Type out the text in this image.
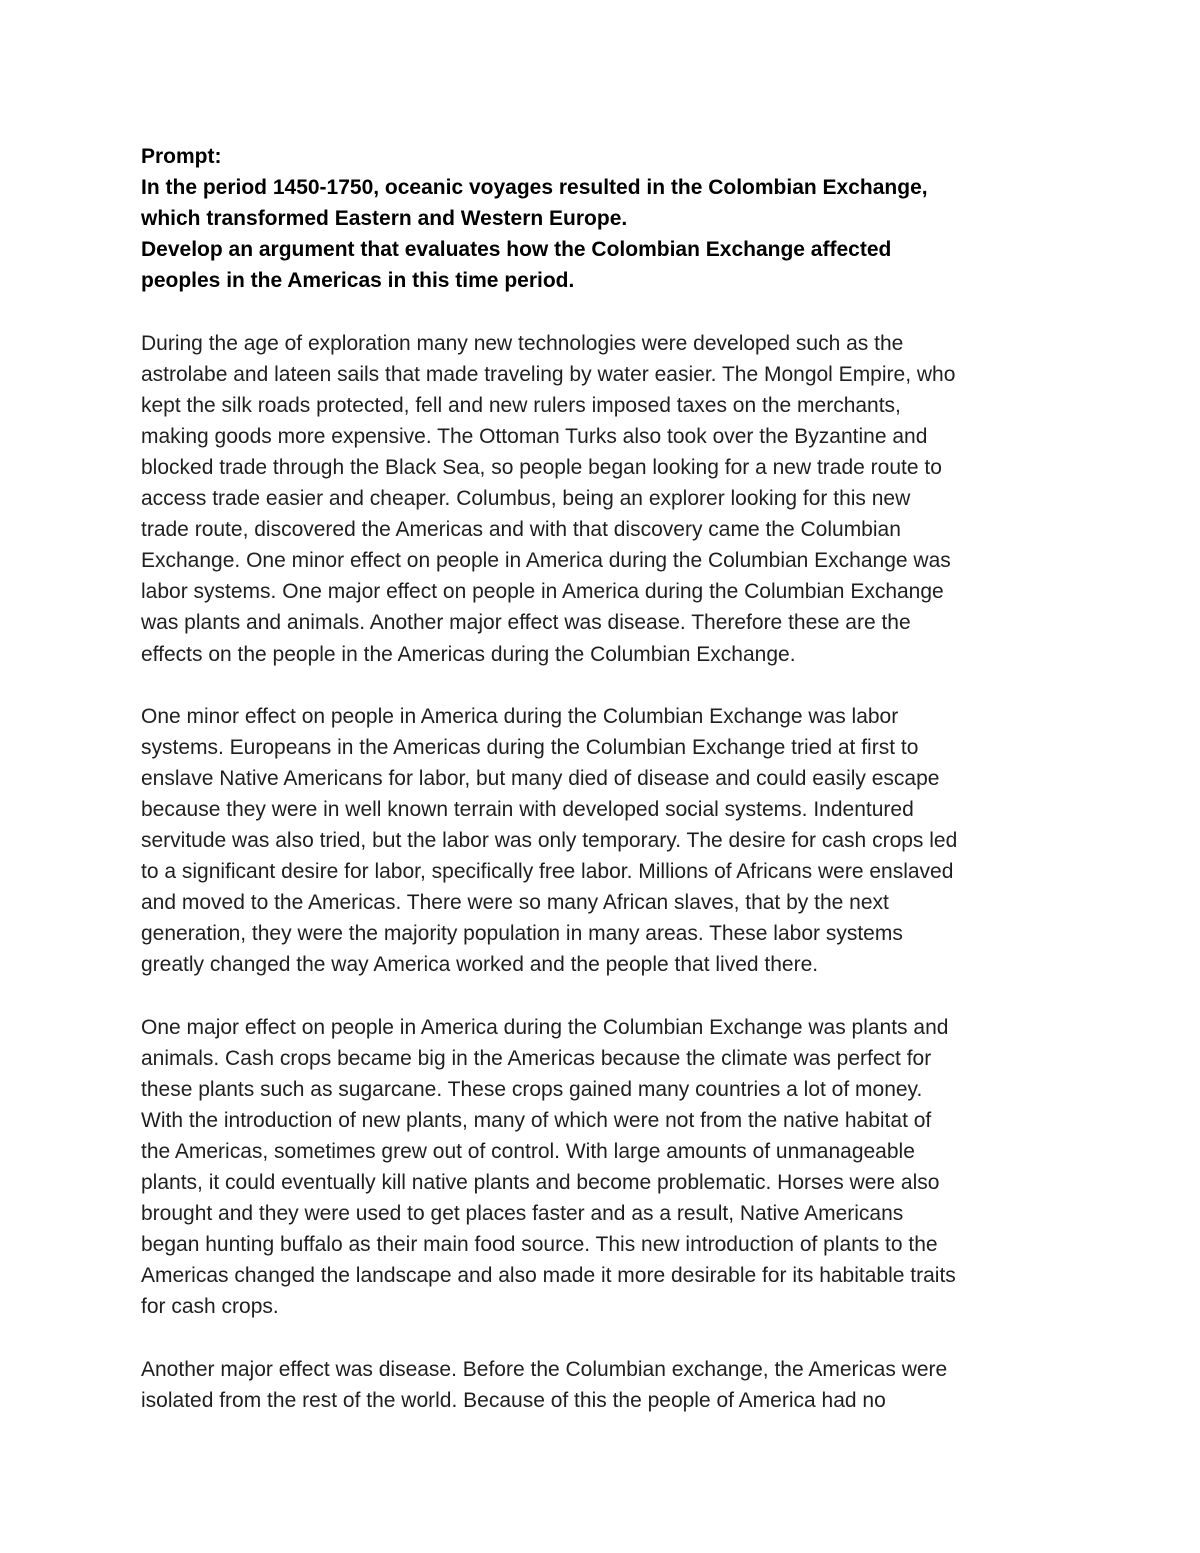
Prompt:
In the period 1450-1750, oceanic voyages resulted in the Colombian Exchange,
which transformed Eastern and Western Europe.
Develop an argument that evaluates how the Colombian Exchange affected
peoples in the Americas in this time period.

During the age of exploration many new technologies were developed such as the
astrolabe and lateen sails that made traveling by water easier. The Mongol Empire, who
kept the silk roads protected, fell and new rulers imposed taxes on the merchants,
making goods more expensive. The Ottoman Turks also took over the Byzantine and
blocked trade through the Black Sea, so people began looking for a new trade route to
access trade easier and cheaper. Columbus, being an explorer looking for this new
trade route, discovered the Americas and with that discovery came the Columbian
Exchange. One minor effect on people in America during the Columbian Exchange was
labor systems. One major effect on people in America during the Columbian Exchange
was plants and animals. Another major effect was disease. Therefore these are the
effects on the people in the Americas during the Columbian Exchange.

One minor effect on people in America during the Columbian Exchange was labor
systems. Europeans in the Americas during the Columbian Exchange tried at first to
enslave Native Americans for labor, but many died of disease and could easily escape
because they were in well known terrain with developed social systems. Indentured
servitude was also tried, but the labor was only temporary. The desire for cash crops led
to a significant desire for labor, specifically free labor. Millions of Africans were enslaved
and moved to the Americas. There were so many African slaves, that by the next
generation, they were the majority population in many areas. These labor systems
greatly changed the way America worked and the people that lived there.

One major effect on people in America during the Columbian Exchange was plants and
animals. Cash crops became big in the Americas because the climate was perfect for
these plants such as sugarcane. These crops gained many countries a lot of money.
With the introduction of new plants, many of which were not from the native habitat of
the Americas, sometimes grew out of control. With large amounts of unmanageable
plants, it could eventually kill native plants and become problematic. Horses were also
brought and they were used to get places faster and as a result, Native Americans
began hunting buffalo as their main food source. This new introduction of plants to the
Americas changed the landscape and also made it more desirable for its habitable traits
for cash crops.

Another major effect was disease. Before the Columbian exchange, the Americas were
isolated from the rest of the world. Because of this the people of America had no
